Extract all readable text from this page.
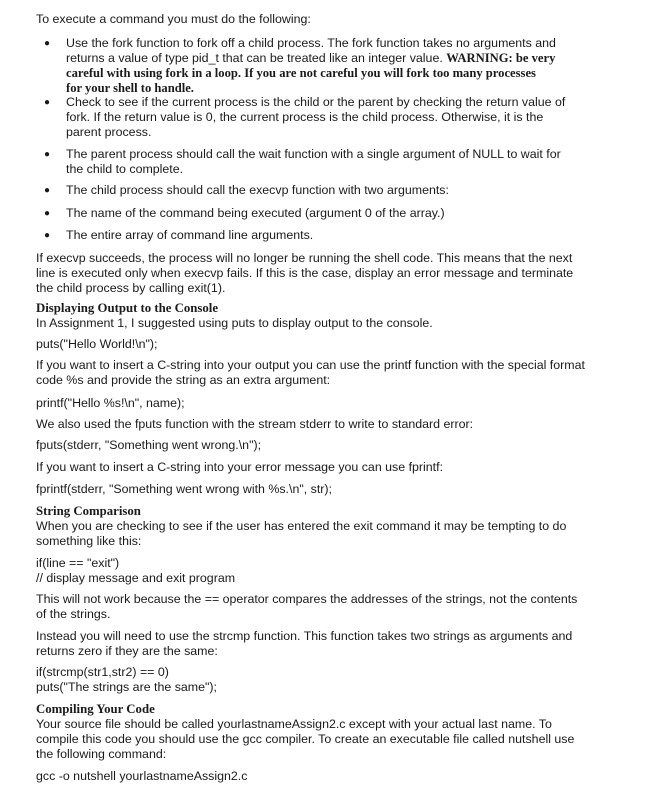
To execute a command you must do the following:
● Use the fork function to fork off a child process. The fork function takes no arguments and
returns a value of type pid_t that can be treated like an integer value. WARNING: be very
careful with using fork in a loop. If you are not careful you will fork too many processes
for your shell to handle.
● Check to see if the current process is the child or the parent by checking the return value of
fork. If the return value is 0, the current process is the child process. Otherwise, it is the
parent process.
● The parent process should call the wait function with a single argument of NULL to wait for
the child to complete.
● The child process should call the execvp function with two arguments:
● The name of the command being executed (argument 0 of the array.)
● The entire array of command line arguments.
If execvp succeeds, the process will no longer be running the shell code. This means that the next
line is executed only when execvp fails. If this is the case, display an error message and terminate
the child process by calling exit(1).
Displaying Output to the Console
In Assignment 1, I suggested using puts to display output to the console.
puts("Hello World!\n");
If you want to insert a C-string into your output you can use the printf function with the special format
code %s and provide the string as an extra argument:
printf("Hello %s!\n", name);
We also used the fputs function with the stream stderr to write to standard error:
fputs(stderr, "Something went wrong.\n");
If you want to insert a C-string into your error message you can use fprintf:
fprintf(stderr, "Something went wrong with %s.\n", str);
String Comparison
When you are checking to see if the user has entered the exit command it may be tempting to do
something like this:
if(line == "exit")
// display message and exit program
This will not work because the == operator compares the addresses of the strings, not the contents
of the strings.
Instead you will need to use the strcmp function. This function takes two strings as arguments and
returns zero if they are the same:
if(strcmp(str1,str2) == 0)
puts("The strings are the same");
Compiling Your Code
Your source file should be called yourlastnameAssign2.c except with your actual last name. To
compile this code you should use the gcc compiler. To create an executable file called nutshell use
the following command:
gcc -o nutshell yourlastnameAssign2.c
